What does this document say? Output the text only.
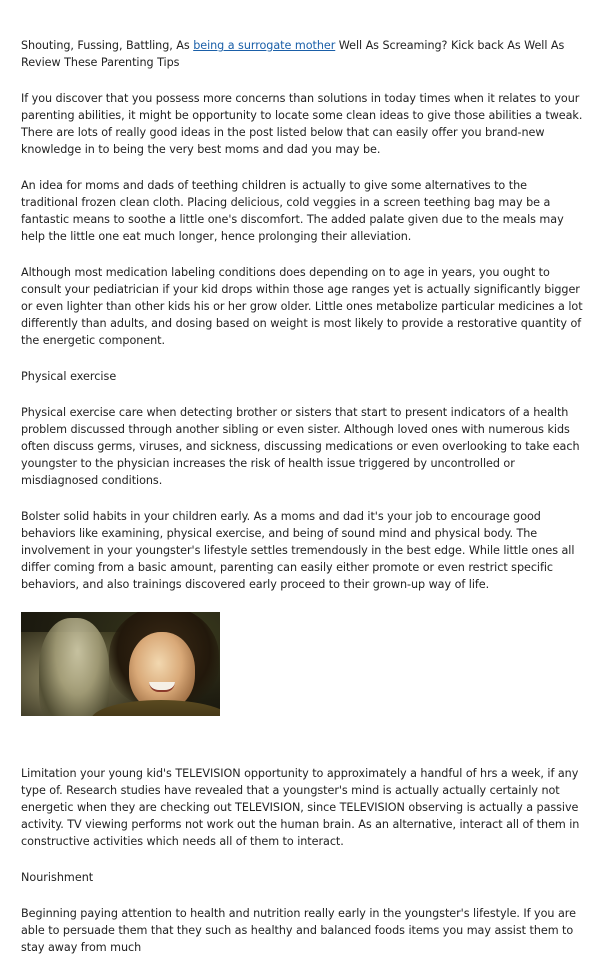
Shouting, Fussing, Battling, As being a surrogate mother Well As Screaming? Kick back As Well As Review These Parenting Tips

If you discover that you possess more concerns than solutions in today times when it relates to your parenting abilities, it might be opportunity to locate some clean ideas to give those abilities a tweak. There are lots of really good ideas in the post listed below that can easily offer you brand-new knowledge in to being the very best moms and dad you may be.

An idea for moms and dads of teething children is actually to give some alternatives to the traditional frozen clean cloth. Placing delicious, cold veggies in a screen teething bag may be a fantastic means to soothe a little one's discomfort. The added palate given due to the meals may help the little one eat much longer, hence prolonging their alleviation.

Although most medication labeling conditions does depending on to age in years, you ought to consult your pediatrician if your kid drops within those age ranges yet is actually significantly bigger or even lighter than other kids his or her grow older. Little ones metabolize particular medicines a lot differently than adults, and dosing based on weight is most likely to provide a restorative quantity of the energetic component.

Physical exercise

Physical exercise care when detecting brother or sisters that start to present indicators of a health problem discussed through another sibling or even sister. Although loved ones with numerous kids often discuss germs, viruses, and sickness, discussing medications or even overlooking to take each youngster to the physician increases the risk of health issue triggered by uncontrolled or misdiagnosed conditions.

Bolster solid habits in your children early. As a moms and dad it's your job to encourage good behaviors like examining, physical exercise, and being of sound mind and physical body. The involvement in your youngster's lifestyle settles tremendously in the best edge. While little ones all differ coming from a basic amount, parenting can easily either promote or even restrict specific behaviors, and also trainings discovered early proceed to their grown-up way of life.

Limitation your young kid's TELEVISION opportunity to approximately a handful of hrs a week, if any type of. Research studies have revealed that a youngster's mind is actually actually certainly not energetic when they are checking out TELEVISION, since TELEVISION observing is actually a passive activity. TV viewing performs not work out the human brain. As an alternative, interact all of them in constructive activities which needs all of them to interact.

Nourishment

Beginning paying attention to health and nutrition really early in the youngster's lifestyle. If you are able to persuade them that they such as healthy and balanced foods items you may assist them to stay away from much
